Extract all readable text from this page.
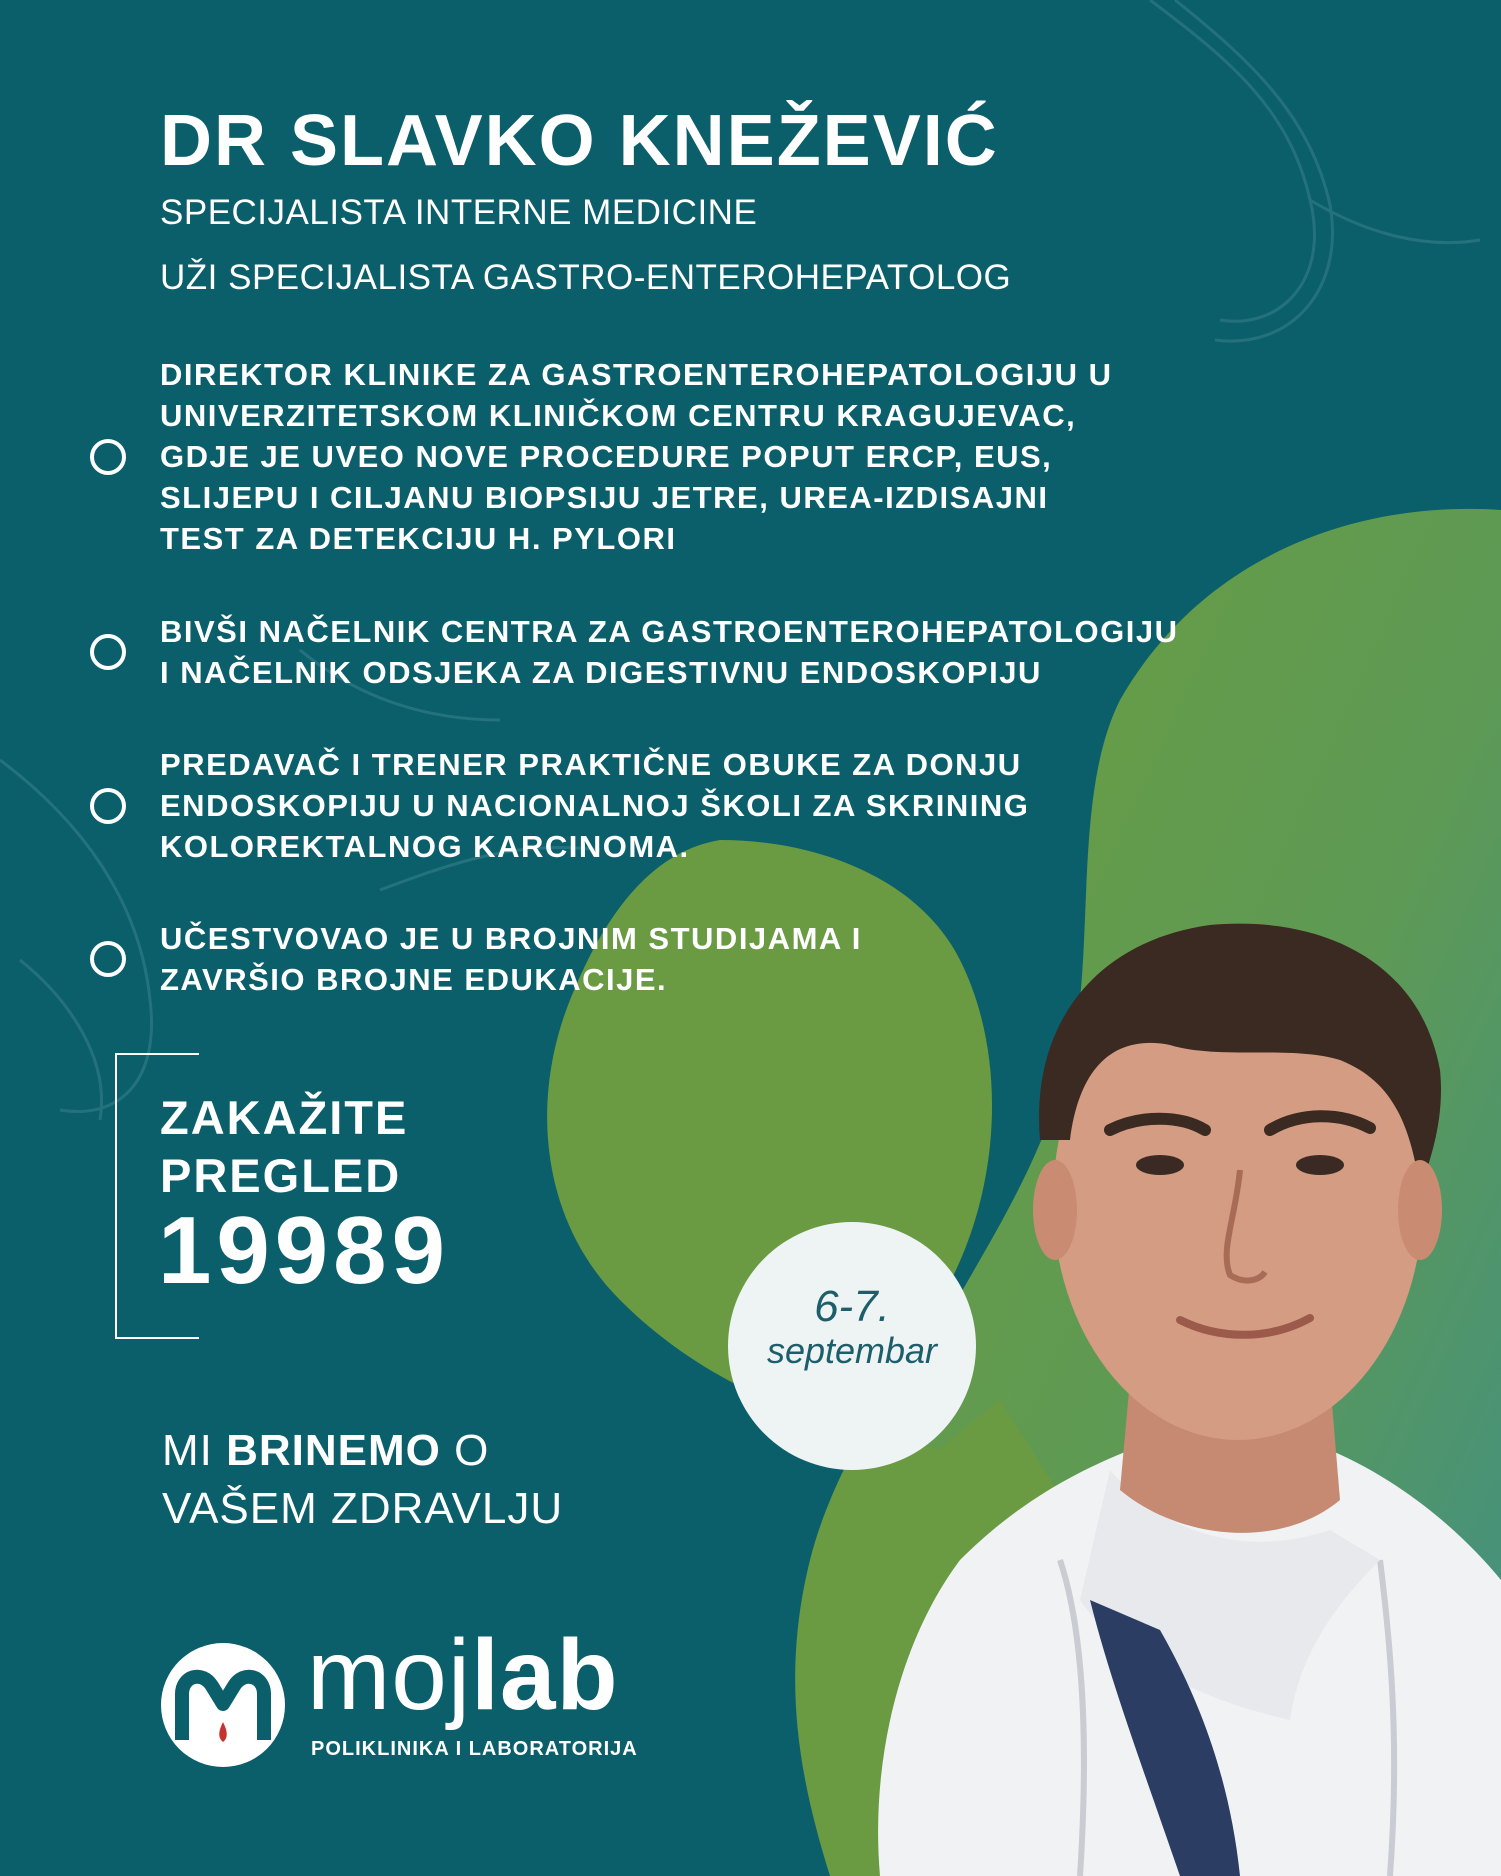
DR SLAVKO KNEŽEVIĆ
SPECIJALISTA INTERNE MEDICINE
UŽI SPECIJALISTA GASTRO-ENTEROHEPATOLOG
DIREKTOR KLINIKE ZA GASTROENTEROHEPATOLOGIJU U
UNIVERZITETSKOM KLINIČKOM CENTRU KRAGUJEVAC,
GDJE JE UVEO NOVE PROCEDURE POPUT ERCP, EUS,
SLIJEPU I CILJANU BIOPSIJU JETRE, UREA-IZDISAJNI
TEST ZA DETEKCIJU H. PYLORI
BIVŠI NAČELNIK CENTRA ZA GASTROENTEROHEPATOLOGIJU
I NAČELNIK ODSJEKA ZA DIGESTIVNU ENDOSKOPIJU
PREDAVAČ I TRENER PRAKTIČNE OBUKE ZA DONJU
ENDOSKOPIJU U NACIONALNOJ ŠKOLI ZA SKRINING
KOLOREKTALNOG KARCINOMA.
UČESTVOVAO JE U BROJNIM STUDIJAMA I
ZAVRŠIO BROJNE EDUKACIJE.
ZAKAŽITE
PREGLED
19989
6-7.
septembar
MI BRINEMO O
VAŠEM ZDRAVLJU
mojlab
POLIKLINIKA I LABORATORIJA
